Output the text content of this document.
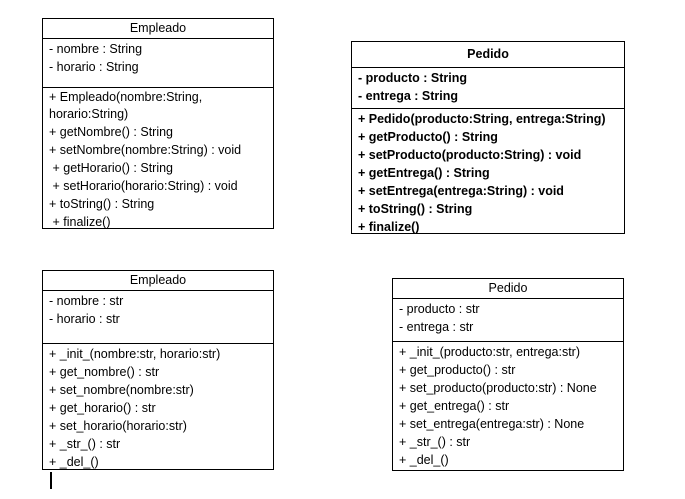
Empleado
- nombre : String
- horario : String
+ Empleado(nombre:String, horario:String)
+ getNombre() : String
+ setNombre(nombre:String) : void
+ getHorario() : String
+ setHorario(horario:String) : void
+ toString() : String
+ finalize()
Pedido
- producto : String
- entrega : String
+ Pedido(producto:String, entrega:String)
+ getProducto() : String
+ setProducto(producto:String) : void
+ getEntrega() : String
+ setEntrega(entrega:String) : void
+ toString() : String
+ finalize()
Empleado
- nombre : str
- horario : str
+ _init_(nombre:str, horario:str)
+ get_nombre() : str
+ set_nombre(nombre:str)
+ get_horario() : str
+ set_horario(horario:str)
+ _str_() : str
+ _del_()
Pedido
- producto : str
- entrega : str
+ _init_(producto:str, entrega:str)
+ get_producto() : str
+ set_producto(producto:str) : None
+ get_entrega() : str
+ set_entrega(entrega:str) : None
+ _str_() : str
+ _del_()
